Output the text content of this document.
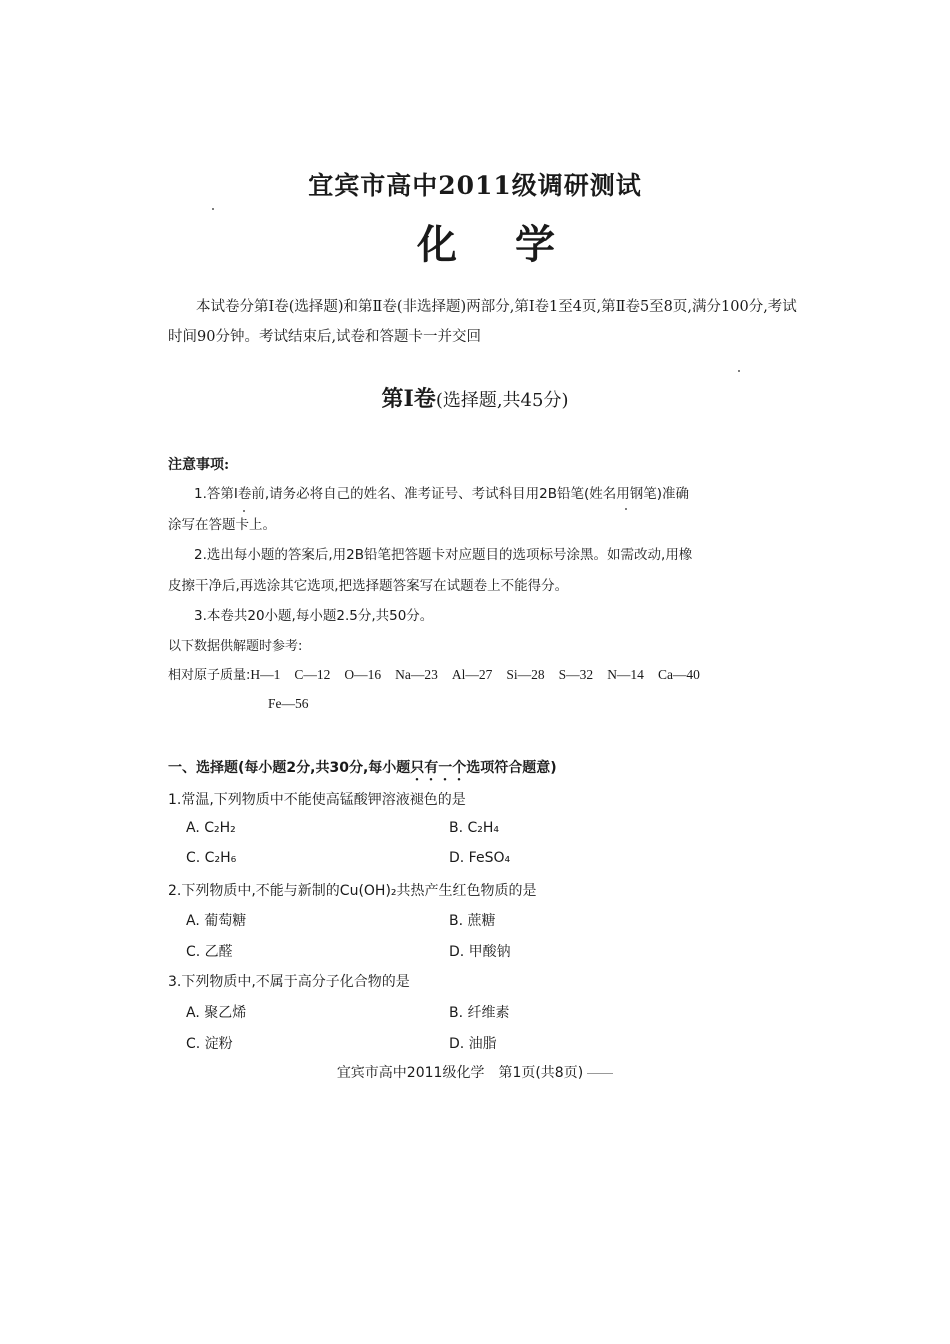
宜宾市高中2011级调研测试
化 学
本试卷分第Ⅰ卷(选择题)和第Ⅱ卷(非选择题)两部分,第Ⅰ卷1至4页,第Ⅱ卷5至8页,满分100分,考试时间90分钟。考试结束后,试卷和答题卡一并交回
第Ⅰ卷(选择题,共45分)
注意事项:
1.答第Ⅰ卷前,请务必将自己的姓名、准考证号、考试科目用2B铅笔(姓名用钢笔)准确
涂写在答题卡上。
2.选出每小题的答案后,用2B铅笔把答题卡对应题目的选项标号涂黑。如需改动,用橡
皮擦干净后,再选涂其它选项,把选择题答案写在试题卷上不能得分。
3.本卷共20小题,每小题2.5分,共50分。
以下数据供解题时参考:
相对原子质量:H—1 C—12 O—16 Na—23 Al—27 Si—28 S—32 N—14 Ca—40
Fe—56
一、选择题(每小题2分,共30分,每小题只有一个选项符合题意)
1.常温,下列物质中不能使高锰酸钾溶液褪色的是
A. C₂H₂	B. C₂H₄
C. C₂H₆	D. FeSO₄
2.下列物质中,不能与新制的Cu(OH)₂共热产生红色物质的是
A. 葡萄糖	B. 蔗糖
C. 乙醛	D. 甲酸钠
3.下列物质中,不属于高分子化合物的是
A. 聚乙烯	B. 纤维素
C. 淀粉	D. 油脂
宜宾市高中2011级化学　第1页(共8页)
